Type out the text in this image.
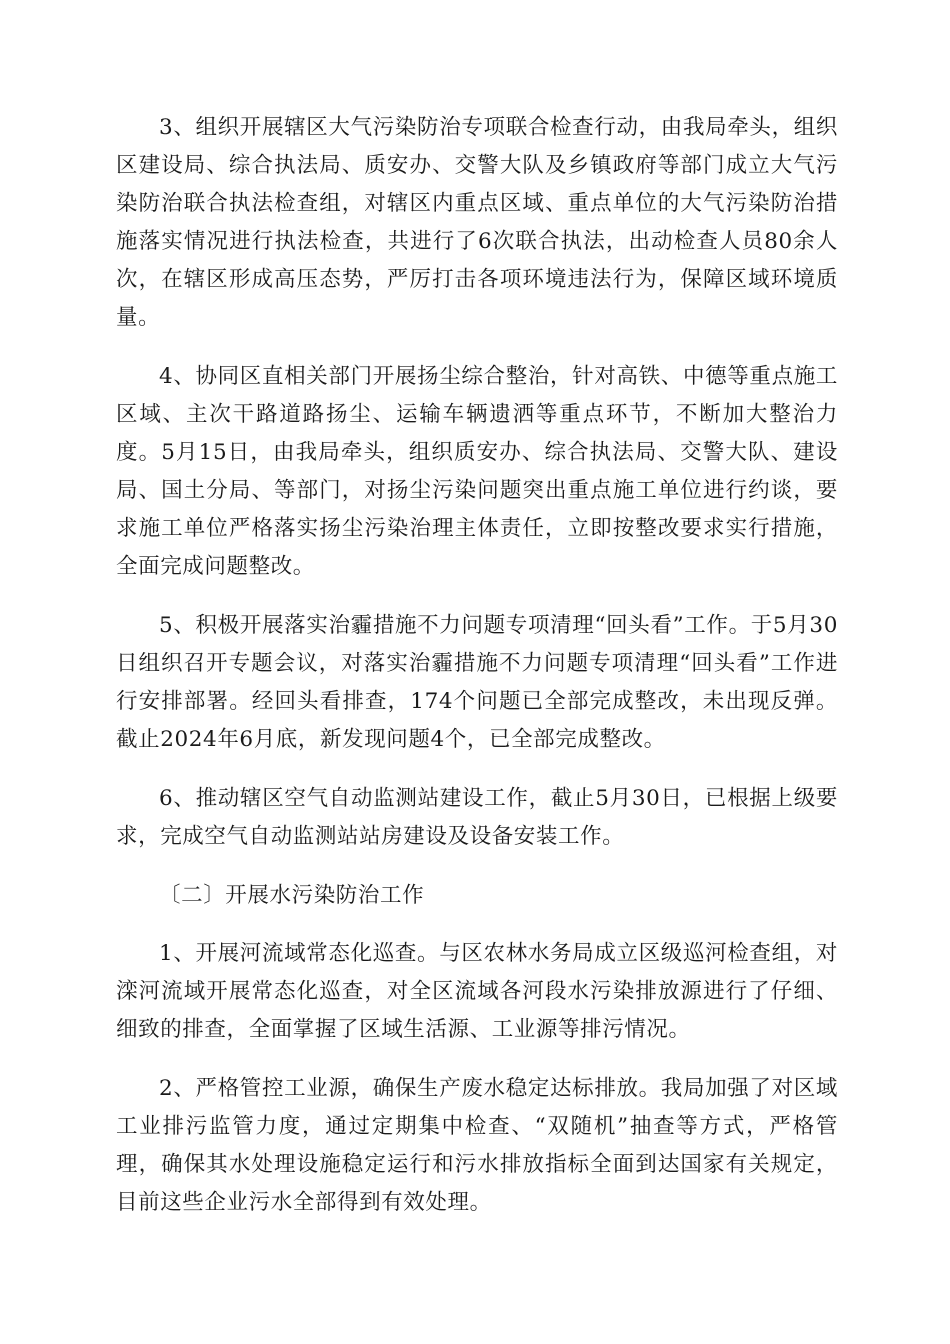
3、组织开展辖区大气污染防治专项联合检查行动，由我局牵头，组织区建设局、综合执法局、质安办、交警大队及乡镇政府等部门成立大气污染防治联合执法检查组，对辖区内重点区域、重点单位的大气污染防治措施落实情况进行执法检查，共进行了6次联合执法，出动检查人员80余人次，在辖区形成高压态势，严厉打击各项环境违法行为，保障区域环境质量。

4、协同区直相关部门开展扬尘综合整治，针对高铁、中德等重点施工区域、主次干路道路扬尘、运输车辆遗洒等重点环节，不断加大整治力度。5月15日，由我局牵头，组织质安办、综合执法局、交警大队、建设局、国土分局、等部门，对扬尘污染问题突出重点施工单位进行约谈，要求施工单位严格落实扬尘污染治理主体责任，立即按整改要求实行措施，全面完成问题整改。

5、积极开展落实治霾措施不力问题专项清理“回头看”工作。于5月30日组织召开专题会议，对落实治霾措施不力问题专项清理“回头看”工作进行安排部署。经回头看排查，174个问题已全部完成整改，未出现反弹。截止2024年6月底，新发现问题4个，已全部完成整改。

6、推动辖区空气自动监测站建设工作，截止5月30日，已根据上级要求，完成空气自动监测站站房建设及设备安装工作。

〔二〕开展水污染防治工作

1、开展河流域常态化巡查。与区农林水务局成立区级巡河检查组，对滦河流域开展常态化巡查，对全区流域各河段水污染排放源进行了仔细、细致的排查，全面掌握了区域生活源、工业源等排污情况。

2、严格管控工业源，确保生产废水稳定达标排放。我局加强了对区域工业排污监管力度，通过定期集中检查、“双随机”抽查等方式，严格管理，确保其水处理设施稳定运行和污水排放指标全面到达国家有关规定，目前这些企业污水全部得到有效处理。
